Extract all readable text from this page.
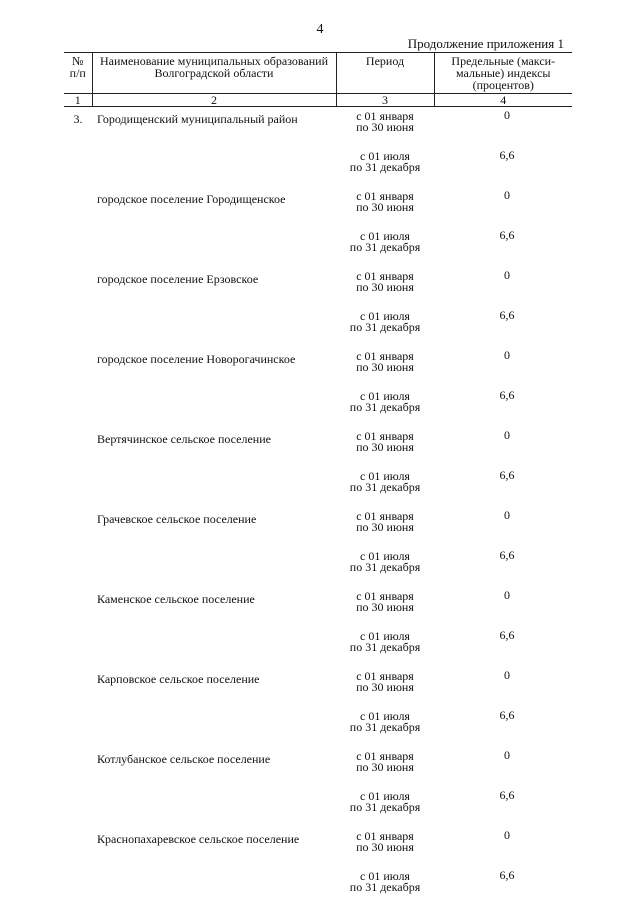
4
Продолжение приложения 1
№ п/п	Наименование муниципальных образований Волгоградской области	Период	Предельные (макси-мальные) индексы (процентов)
1	2	3	4
3.	Городищенский муниципальный район	с 01 января
по 30 июня	0
		с 01 июля
по 31 декабря	6,6
	городское поселение Городищенское	с 01 января
по 30 июня	0
		с 01 июля
по 31 декабря	6,6
	городское поселение Ерзовское	с 01 января
по 30 июня	0
		с 01 июля
по 31 декабря	6,6
	городское поселение Новорогачинское	с 01 января
по 30 июня	0
		с 01 июля
по 31 декабря	6,6
	Вертячинское сельское поселение	с 01 января
по 30 июня	0
		с 01 июля
по 31 декабря	6,6
	Грачевское сельское поселение	с 01 января
по 30 июня	0
		с 01 июля
по 31 декабря	6,6
	Каменское сельское поселение	с 01 января
по 30 июня	0
		с 01 июля
по 31 декабря	6,6
	Карповское сельское поселение	с 01 января
по 30 июня	0
		с 01 июля
по 31 декабря	6,6
	Котлубанское сельское поселение	с 01 января
по 30 июня	0
		с 01 июля
по 31 декабря	6,6
	Краснопахаревское сельское поселение	с 01 января
по 30 июня	0
		с 01 июля
по 31 декабря	6,6
